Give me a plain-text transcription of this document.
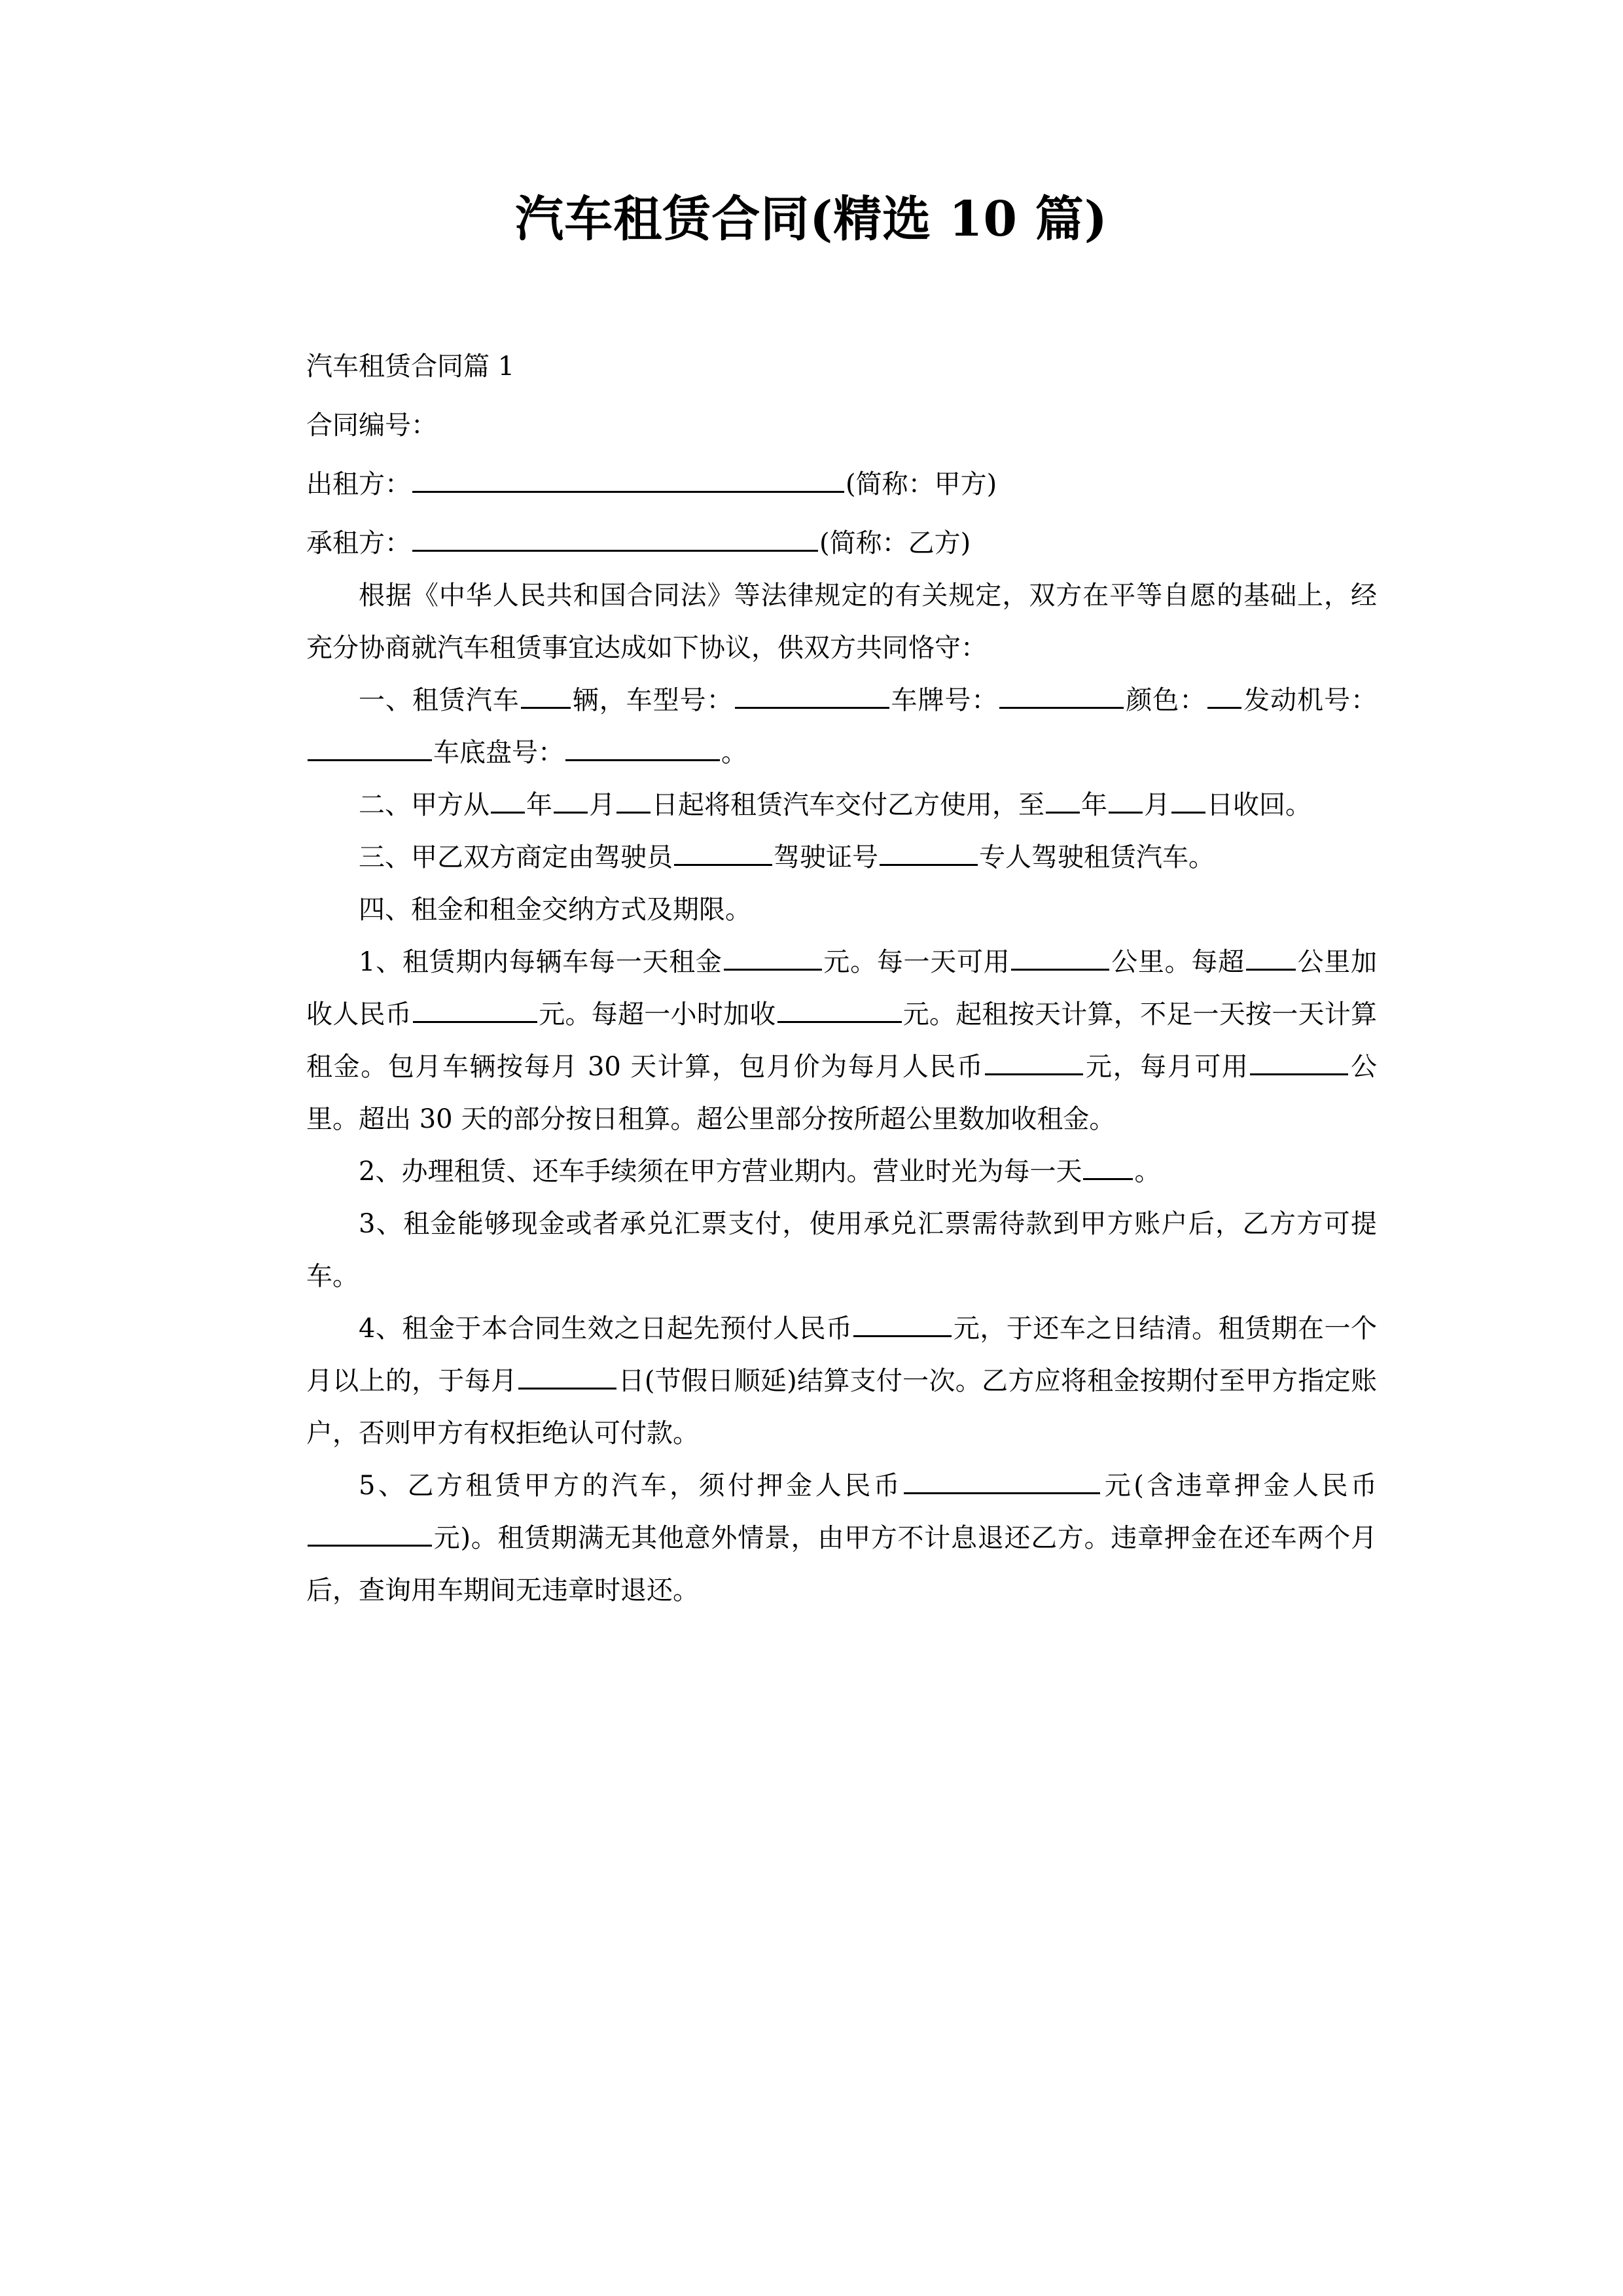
汽车租赁合同(精选 10 篇)

汽车租赁合同篇 1

合同编号：

出租方：	(简称：甲方)

承租方：	(简称：乙方)

根据《中华人民共和国合同法》等法律规定的有关规定，双方在平等自愿的基础上，经充分协商就汽车租赁事宜达成如下协议，供双方共同恪守：

一、租赁汽车 辆，车型号：	车牌号：	颜色： 发动机号：车底盘号：	。

二、甲方从 年 月 日起将租赁汽车交付乙方使用，至 年 月 日收回。

三、甲乙双方商定由驾驶员	驾驶证号	专人驾驶租赁汽车。

四、租金和租金交纳方式及期限。

1、租赁期内每辆车每一天租金	元。每一天可用	公里。每超 公里加收人民币	元。每超一小时加收	元。起租按天计算，不足一天按一天计算租金。包月车辆按每月 30 天计算，包月价为每月人民币	元，每月可用	公里。超出 30 天的部分按日租算。超公里部分按所超公里数加收租金。

2、办理租赁、还车手续须在甲方营业期内。营业时光为每一天 。

3、租金能够现金或者承兑汇票支付，使用承兑汇票需待款到甲方账户后，乙方方可提车。

4、租金于本合同生效之日起先预付人民币	元，于还车之日结清。租赁期在一个月以上的，于每月	日(节假日顺延)结算支付一次。乙方应将租金按期付至甲方指定账户，否则甲方有权拒绝认可付款。

5、乙方租赁甲方的汽车，须付押金人民币	元(含违章押金人民币元)。租赁期满无其他意外情景，由甲方不计息退还乙方。违章押金在还车两个月后，查询用车期间无违章时退还。
